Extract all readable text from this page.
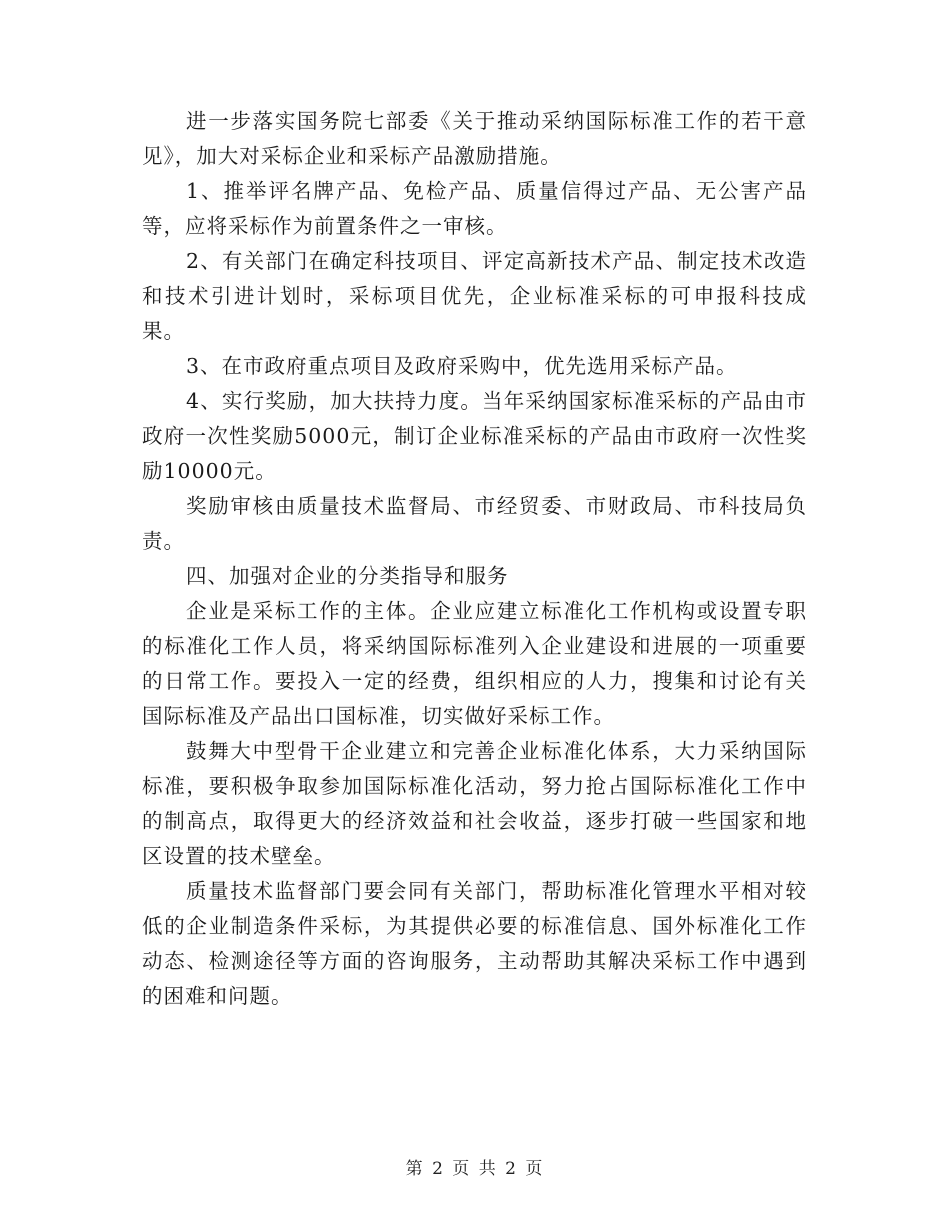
进一步落实国务院七部委《关于推动采纳国际标准工作的若干意见》，加大对采标企业和采标产品激励措施。

1、推举评名牌产品、免检产品、质量信得过产品、无公害产品等，应将采标作为前置条件之一审核。

2、有关部门在确定科技项目、评定高新技术产品、制定技术改造和技术引进计划时，采标项目优先，企业标准采标的可申报科技成果。

3、在市政府重点项目及政府采购中，优先选用采标产品。

4、实行奖励，加大扶持力度。当年采纳国家标准采标的产品由市政府一次性奖励5000元，制订企业标准采标的产品由市政府一次性奖励10000元。

奖励审核由质量技术监督局、市经贸委、市财政局、市科技局负责。

四、加强对企业的分类指导和服务

企业是采标工作的主体。企业应建立标准化工作机构或设置专职的标准化工作人员，将采纳国际标准列入企业建设和进展的一项重要的日常工作。要投入一定的经费，组织相应的人力，搜集和讨论有关国际标准及产品出口国标准，切实做好采标工作。

鼓舞大中型骨干企业建立和完善企业标准化体系，大力采纳国际标准，要积极争取参加国际标准化活动，努力抢占国际标准化工作中的制高点，取得更大的经济效益和社会收益，逐步打破一些国家和地区设置的技术壁垒。

质量技术监督部门要会同有关部门，帮助标准化管理水平相对较低的企业制造条件采标，为其提供必要的标准信息、国外标准化工作动态、检测途径等方面的咨询服务，主动帮助其解决采标工作中遇到的困难和问题。

第 2 页 共 2 页
